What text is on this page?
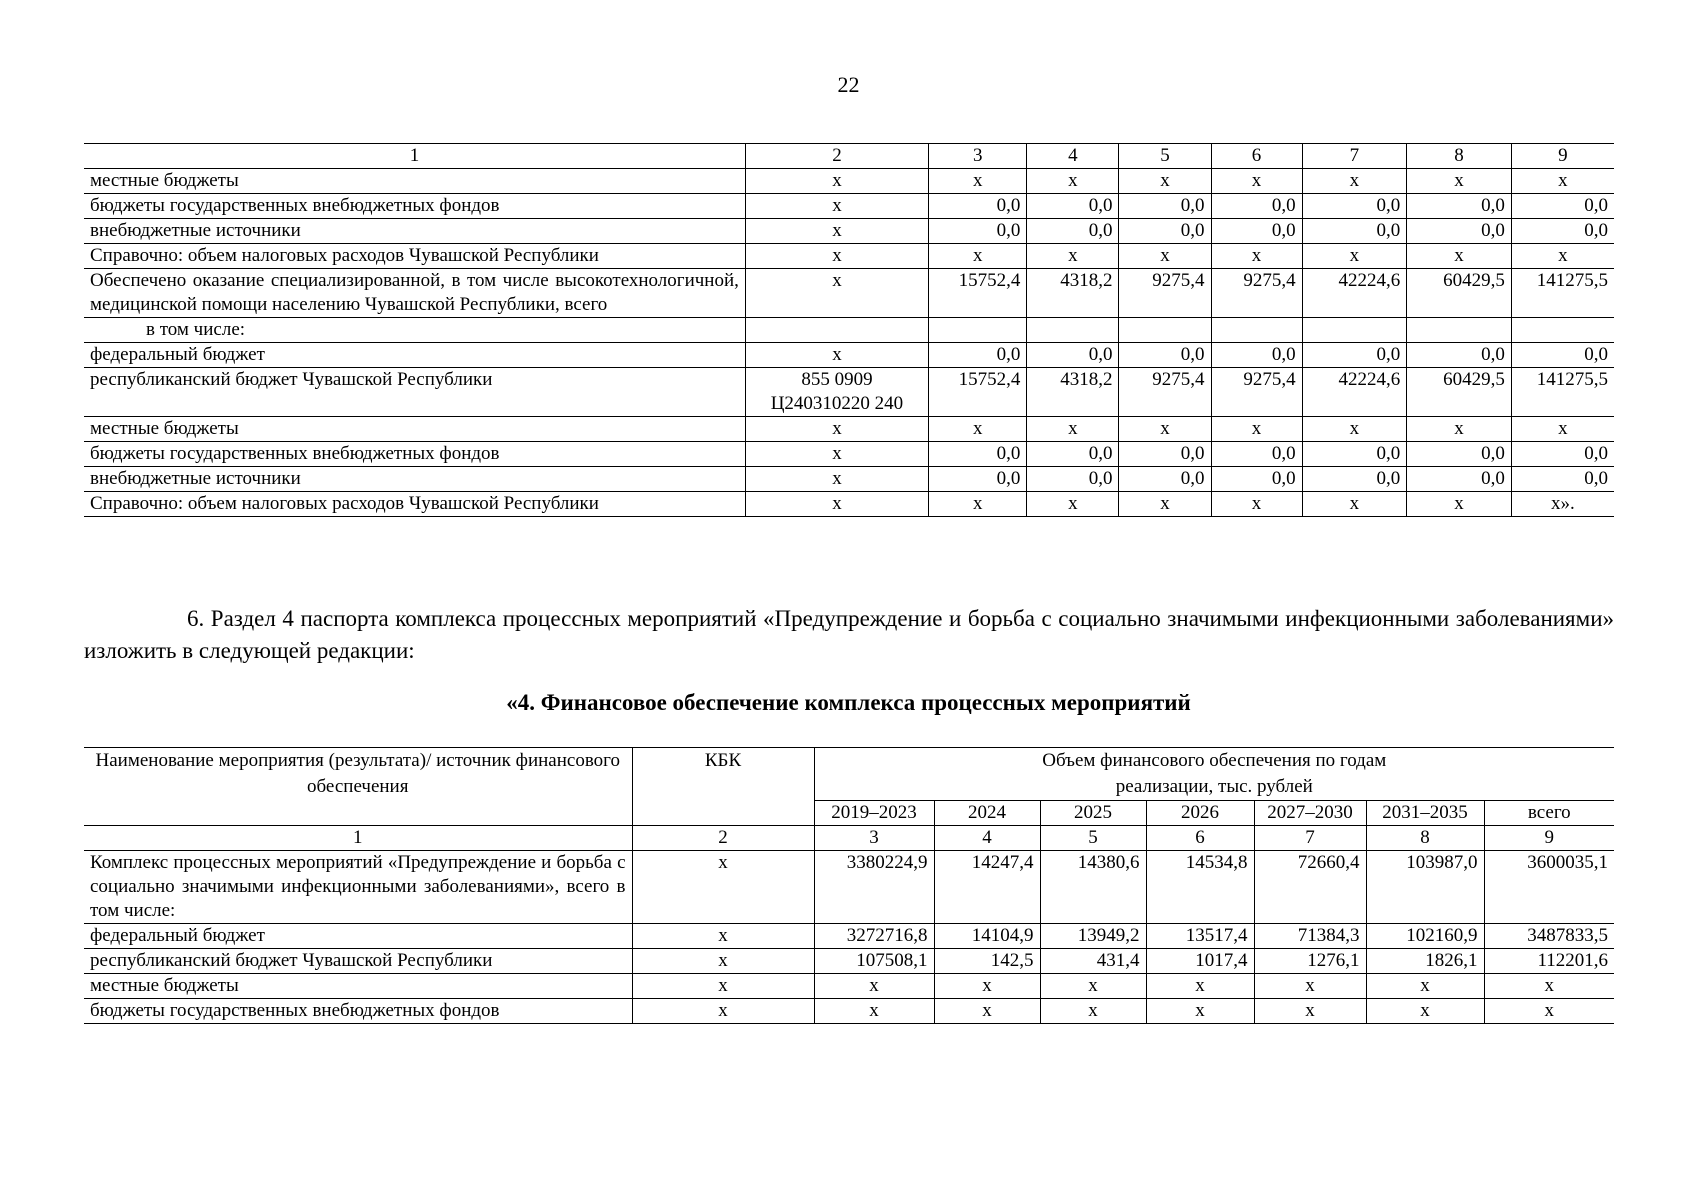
22
1	2	3	4	5	6	7	8	9
местные бюджеты	х	х	х	х	х	х	х	х
бюджеты государственных внебюджетных фондов	х	0,0	0,0	0,0	0,0	0,0	0,0	0,0
внебюджетные источники	х	0,0	0,0	0,0	0,0	0,0	0,0	0,0
Справочно: объем налоговых расходов Чувашской Республики	х	х	х	х	х	х	х	х
Обеспечено оказание специализированной, в том числе высокотехнологичной, медицинской помощи населению Чувашской Республики, всего	х	15752,4	4318,2	9275,4	9275,4	42224,6	60429,5	141275,5
в том числе:								
федеральный бюджет	х	0,0	0,0	0,0	0,0	0,0	0,0	0,0
республиканский бюджет Чувашской Республики	855 0909 Ц240310220 240	15752,4	4318,2	9275,4	9275,4	42224,6	60429,5	141275,5
местные бюджеты	х	х	х	х	х	х	х	х
бюджеты государственных внебюджетных фондов	х	0,0	0,0	0,0	0,0	0,0	0,0	0,0
внебюджетные источники	х	0,0	0,0	0,0	0,0	0,0	0,0	0,0
Справочно: объем налоговых расходов Чувашской Республики	х	х	х	х	х	х	х	х».
6. Раздел 4 паспорта комплекса процессных мероприятий «Предупреждение и борьба с социально значимыми инфекционными заболеваниями» изложить в следующей редакции:
«4. Финансовое обеспечение комплекса процессных мероприятий
Наименование мероприятия (результата)/ источник финансового обеспечения	КБК	Объем финансового обеспечения по годам реализации, тыс. рублей						
		2019–2023	2024	2025	2026	2027–2030	2031–2035	всего
1	2	3	4	5	6	7	8	9
Комплекс процессных мероприятий «Предупреждение и борьба с социально значимыми инфекционными заболеваниями», всего в том числе:	х	3380224,9	14247,4	14380,6	14534,8	72660,4	103987,0	3600035,1
федеральный бюджет	х	3272716,8	14104,9	13949,2	13517,4	71384,3	102160,9	3487833,5
республиканский бюджет Чувашской Республики	х	107508,1	142,5	431,4	1017,4	1276,1	1826,1	112201,6
местные бюджеты	х	х	х	х	х	х	х	х
бюджеты государственных внебюджетных фондов	х	х	х	х	х	х	х	х
